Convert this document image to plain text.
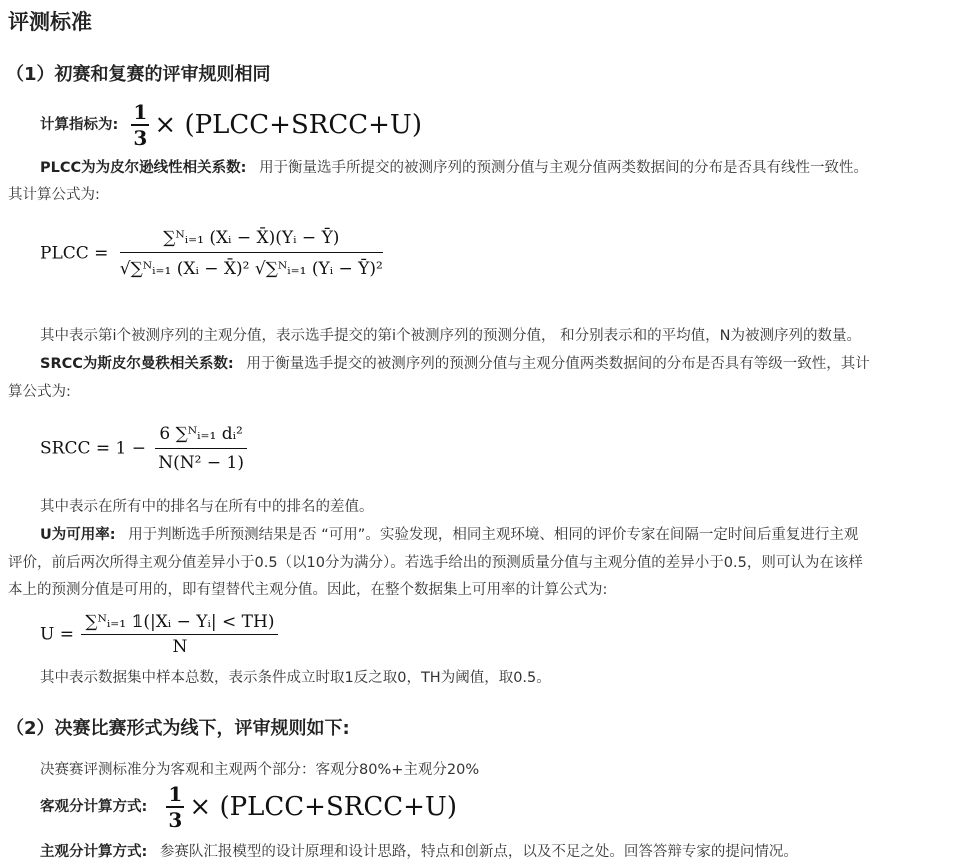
评测标准
（1）初赛和复赛的评审规则相同
计算指标为: $\frac{1}{3}$ × (PLCC+SRCC+U)
PLCC为为皮尔逊线性相关系数: 用于衡量选手所提交的被测序列的预测分值与主观分值两类数据间的分布是否具有线性一致性。
其计算公式为:
PLCC = $\frac{\text{∑ᴺᵢ₌₁ (Xᵢ − X̄)(Yᵢ − Ȳ)}}{\text{√∑ᴺᵢ₌₁ (Xᵢ − X̄)² √∑ᴺᵢ₌₁ (Yᵢ − Ȳ)²}}$
其中表示第i个被测序列的主观分值，表示选手提交的第i个被测序列的预测分值， 和分别表示和的平均值，N为被测序列的数量。
SRCC为斯皮尔曼秩相关系数: 用于衡量选手提交的被测序列的预测分值与主观分值两类数据间的分布是否具有等级一致性，其计
算公式为:
SRCC = $1 - \frac{\text{6 ∑ᴺᵢ₌₁ dᵢ²}}{\text{N(N² − 1)}}$
其中表示在所有中的排名与在所有中的排名的差值。
U为可用率: 用于判断选手所预测结果是否 “可用”。实验发现，相同主观环境、相同的评价专家在间隔一定时间后重复进行主观
评价，前后两次所得主观分值差异小于0.5（以10分为满分）。若选手给出的预测质量分值与主观分值的差异小于0.5，则可认为在该样
本上的预测分值是可用的，即有望替代主观分值。因此，在整个数据集上可用率的计算公式为:
$U = \frac{\text{∑ᴺᵢ₌₁ 𝟙(|Xᵢ − Yᵢ| < TH)}}{N}$
其中表示数据集中样本总数，表示条件成立时取1反之取0，TH为阈值，取0.5。
（2）决赛比赛形式为线下，评审规则如下:
决赛赛评测标准分为客观和主观两个部分：客观分80%+主观分20%
客观分计算方式: $\frac{1}{3}$ × (PLCC+SRCC+U)
主观分计算方式: 参赛队汇报模型的设计原理和设计思路，特点和创新点，以及不足之处。回答答辩专家的提问情况。
